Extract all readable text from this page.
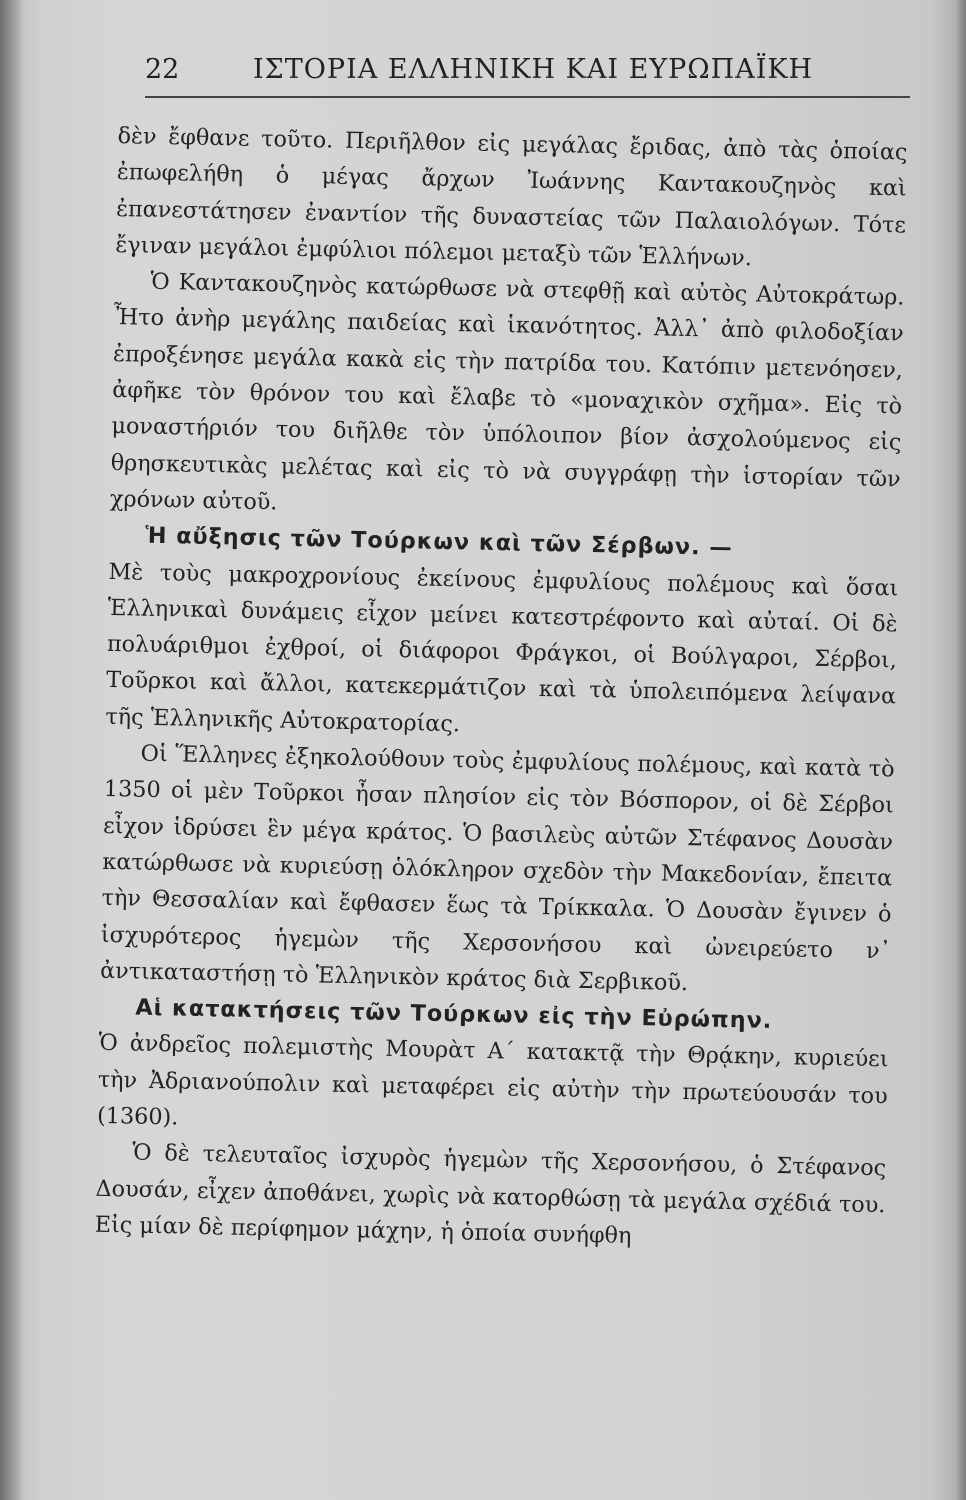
22	ΙΣΤΟΡΙΑ ΕΛΛΗΝΙΚΗ ΚΑΙ ΕΥΡΩΠΑΪΚΗ

δὲν ἔφθανε τοῦτο. Περιῆλθον εἰς μεγάλας ἔριδας, ἀπὸ τὰς ὁποίας ἐπωφελήθη ὁ μέγας ἄρχων Ἰωάννης Καντακουζηνὸς καὶ ἐπανεστάτησεν ἐναντίον τῆς δυναστείας τῶν Παλαιολόγων. Τότε ἔγιναν μεγάλοι ἐμφύλιοι πόλεμοι μεταξὺ τῶν Ἑλλήνων.

Ὁ Καντακουζηνὸς κατώρθωσε νὰ στεφθῇ καὶ αὐτὸς Αὐτοκράτωρ. Ἦτο ἀνὴρ μεγάλης παιδείας καὶ ἱκανότητος. Ἀλλ᾿ ἀπὸ φιλοδοξίαν ἐπροξένησε μεγάλα κακὰ εἰς τὴν πατρίδα του. Κατόπιν μετενόησεν, ἀφῆκε τὸν θρόνον του καὶ ἔλαβε τὸ «μοναχικὸν σχῆμα». Εἰς τὸ μοναστήριόν του διῆλθε τὸν ὑπόλοιπον βίον ἀσχολούμενος εἰς θρησκευτικὰς μελέτας καὶ εἰς τὸ νὰ συγγράφῃ τὴν ἱστορίαν τῶν χρόνων αὐτοῦ.

Ἡ αὔξησις τῶν Τούρκων καὶ τῶν Σέρβων. —

Μὲ τοὺς μακροχρονίους ἐκείνους ἐμφυλίους πολέμους καὶ ὅσαι Ἑλληνικαὶ δυνάμεις εἶχον μείνει κατεστρέφοντο καὶ αὐταί. Οἱ δὲ πολυάριθμοι ἐχθροί, οἱ διάφοροι Φράγκοι, οἱ Βούλγαροι, Σέρβοι, Τοῦρκοι καὶ ἄλλοι, κατεκερμάτιζον καὶ τὰ ὑπολειπόμενα λείψανα τῆς Ἑλληνικῆς Αὐτοκρατορίας.

Οἱ Ἕλληνες ἐξηκολούθουν τοὺς ἐμφυλίους πολέμους, καὶ κατὰ τὸ 1350 οἱ μὲν Τοῦρκοι ἦσαν πλησίον εἰς τὸν Βόσπορον, οἱ δὲ Σέρβοι εἶχον ἱδρύσει ἓν μέγα κράτος. Ὁ βασιλεὺς αὐτῶν Στέφανος Δουσὰν κατώρθωσε νὰ κυριεύσῃ ὁλόκληρον σχεδὸν τὴν Μακεδονίαν, ἔπειτα τὴν Θεσσαλίαν καὶ ἔφθασεν ἕως τὰ Τρίκκαλα. Ὁ Δουσὰν ἔγινεν ὁ ἰσχυρότερος ἡγεμὼν τῆς Χερσονήσου καὶ ὠνειρεύετο ν᾿ ἀντικαταστήσῃ τὸ Ἑλληνικὸν κράτος διὰ Σερβικοῦ.

Αἱ κατακτήσεις τῶν Τούρκων εἰς τὴν Εὐρώπην.

Ὁ ἀνδρεῖος πολεμιστὴς Μουρὰτ Α΄ κατακτᾷ τὴν Θρᾴκην, κυριεύει τὴν Ἀδριανούπολιν καὶ μεταφέρει εἰς αὐτὴν τὴν πρωτεύουσάν του (1360).

Ὁ δὲ τελευταῖος ἰσχυρὸς ἡγεμὼν τῆς Χερσονήσου, ὁ Στέφανος Δουσάν, εἶχεν ἀποθάνει, χωρὶς νὰ κατορθώσῃ τὰ μεγάλα σχέδιά του. Εἰς μίαν δὲ περίφημον μάχην, ἡ ὁποία συνήφθη
